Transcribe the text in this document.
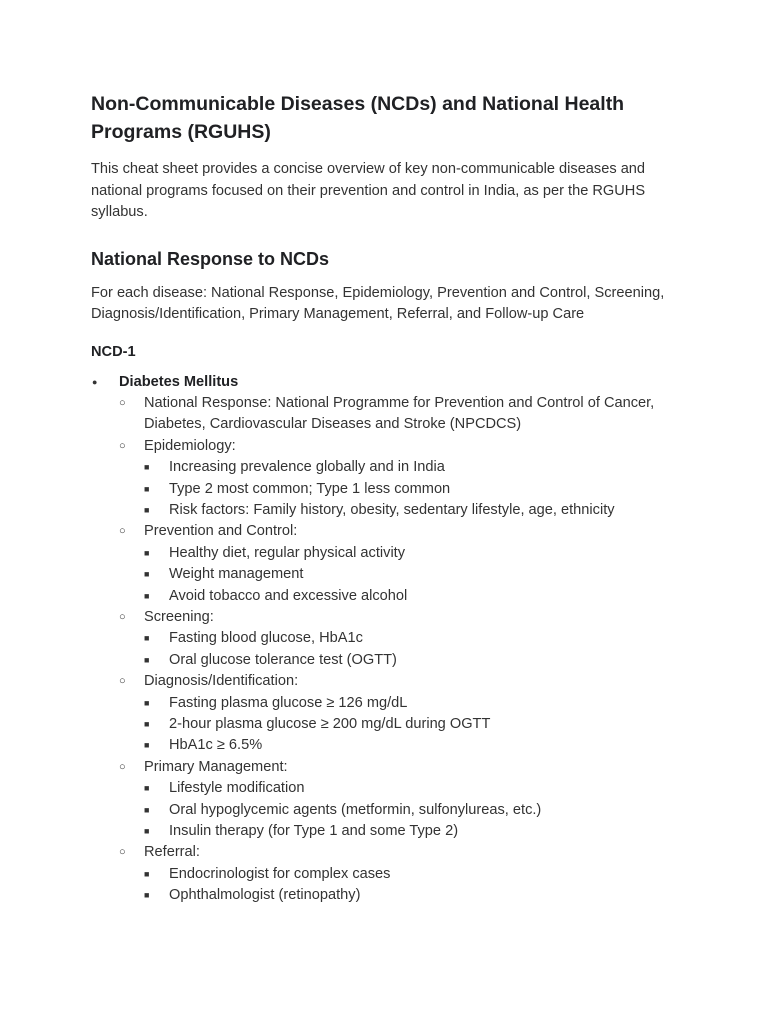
Non-Communicable Diseases (NCDs) and National Health Programs (RGUHS)

This cheat sheet provides a concise overview of key non-communicable diseases and national programs focused on their prevention and control in India, as per the RGUHS syllabus.

National Response to NCDs

For each disease: National Response, Epidemiology, Prevention and Control, Screening, Diagnosis/Identification, Primary Management, Referral, and Follow-up Care

NCD-1
●
Diabetes Mellitus
○
National Response: National Programme for Prevention and Control of Cancer, Diabetes, Cardiovascular Diseases and Stroke (NPCDCS)
○
Epidemiology:
■
Increasing prevalence globally and in India
■
Type 2 most common; Type 1 less common
■
Risk factors: Family history, obesity, sedentary lifestyle, age, ethnicity
○
Prevention and Control:
■
Healthy diet, regular physical activity
■
Weight management
■
Avoid tobacco and excessive alcohol
○
Screening:
■
Fasting blood glucose, HbA1c
■
Oral glucose tolerance test (OGTT)
○
Diagnosis/Identification:
■
Fasting plasma glucose ≥ 126 mg/dL
■
2-hour plasma glucose ≥ 200 mg/dL during OGTT
■
HbA1c ≥ 6.5%
○
Primary Management:
■
Lifestyle modification
■
Oral hypoglycemic agents (metformin, sulfonylureas, etc.)
■
Insulin therapy (for Type 1 and some Type 2)
○
Referral:
■
Endocrinologist for complex cases
■
Ophthalmologist (retinopathy)
